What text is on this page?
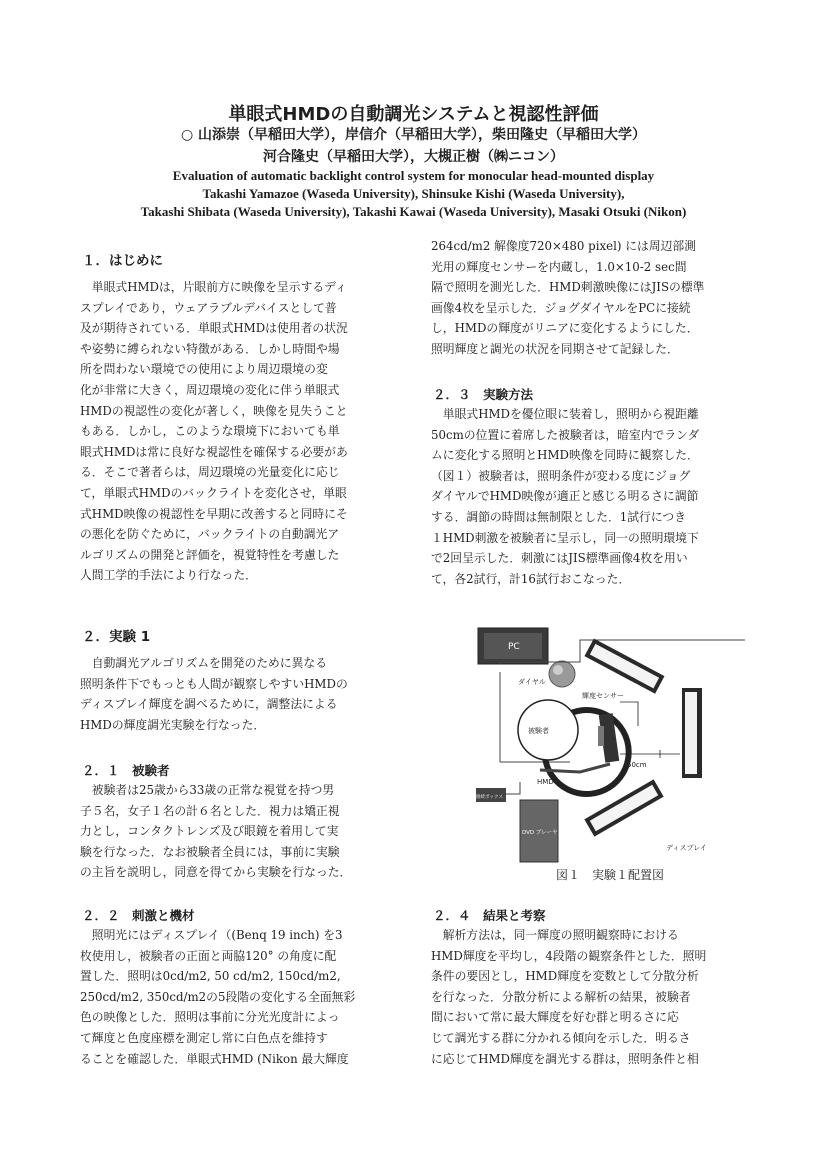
単眼式HMDの自動調光システムと視認性評価
○ 山添崇（早稲田大学），岸信介（早稲田大学），柴田隆史（早稲田大学）
河合隆史（早稲田大学），大槻正樹（㈱ニコン）
Evaluation of automatic backlight control system for monocular head-mounted display
Takashi Yamazoe (Waseda University), Shinsuke Kishi (Waseda University),
Takashi Shibata (Waseda University), Takashi Kawai (Waseda University), Masaki Otsuki (Nikon)
１．はじめに
　単眼式HMDは，片眼前方に映像を呈示するディ
スプレイであり，ウェアラブルデバイスとして普
及が期待されている．単眼式HMDは使用者の状況
や姿勢に縛られない特徴がある．しかし時間や場
所を問わない環境での使用により周辺環境の変
化が非常に大きく，周辺環境の変化に伴う単眼式
HMDの視認性の変化が著しく，映像を見失うこと
もある．しかし，このような環境下においても単
眼式HMDは常に良好な視認性を確保する必要があ
る．そこで著者らは，周辺環境の光量変化に応じ
て，単眼式HMDのバックライトを変化させ，単眼
式HMD映像の視認性を早期に改善すると同時にそ
の悪化を防ぐために，バックライトの自動調光ア
ルゴリズムの開発と評価を，視覚特性を考慮した
人間工学的手法により行なった．
２．実験 1
　自動調光アルゴリズムを開発のために異なる
照明条件下でもっとも人間が観察しやすいHMDの
ディスプレイ輝度を調べるために，調整法による
HMDの輝度調光実験を行なった．
２．１　被験者
　被験者は25歳から33歳の正常な視覚を持つ男
子５名，女子１名の計６名とした．視力は矯正視
力とし，コンタクトレンズ及び眼鏡を着用して実
験を行なった．なお被験者全員には，事前に実験
の主旨を説明し，同意を得てから実験を行なった．
２．２　刺激と機材
　照明光にはディスプレイ（(Benq 19 inch) を3
枚使用し，被験者の正面と両脇120° の角度に配
置した．照明は0cd/m2, 50 cd/m2, 150cd/m2,
250cd/m2, 350cd/m2の5段階の変化する全面無彩
色の映像とした．照明は事前に分光光度計によっ
て輝度と色度座標を測定し常に白色点を維持す
ることを確認した．単眼式HMD (Nikon 最大輝度
264cd/m2 解像度720×480 pixel) には周辺部測
光用の輝度センサーを内蔵し，1.0×10-2 sec間
隔で照明を測光した．HMD刺激映像にはJISの標準
画像4枚を呈示した．ジョグダイヤルをPCに接続
し，HMDの輝度がリニアに変化するようにした．
照明輝度と調光の状況を同期させて記録した．
２．３　実験方法
　単眼式HMDを優位眼に装着し，照明から視距離
50cmの位置に着席した被験者は，暗室内でランダ
ムに変化する照明とHMD映像を同時に観察した．
（図１）被験者は，照明条件が変わる度にジョグ
ダイヤルでHMD映像が適正と感じる明るさに調節
する．調節の時間は無制限とした．1試行につき
１HMD刺激を被験者に呈示し，同一の照明環境下
で2回呈示した．刺激にはJIS標準画像4枚を用い
て，各2試行，計16試行おこなった．
PC
ダイヤル
被験者
HMD
輝度センサー
50cm
接続ボックス
DVD プレーヤ
ディスプレイ
図１　実験１配置図
２．４　結果と考察
　解析方法は，同一輝度の照明観察時における
HMD輝度を平均し，4段階の観察条件とした．照明
条件の要因とし，HMD輝度を変数として分散分析
を行なった．分散分析による解析の結果，被験者
間において常に最大輝度を好む群と明るさに応
じて調光する群に分かれる傾向を示した．明るさ
に応じてHMD輝度を調光する群は，照明条件と相
